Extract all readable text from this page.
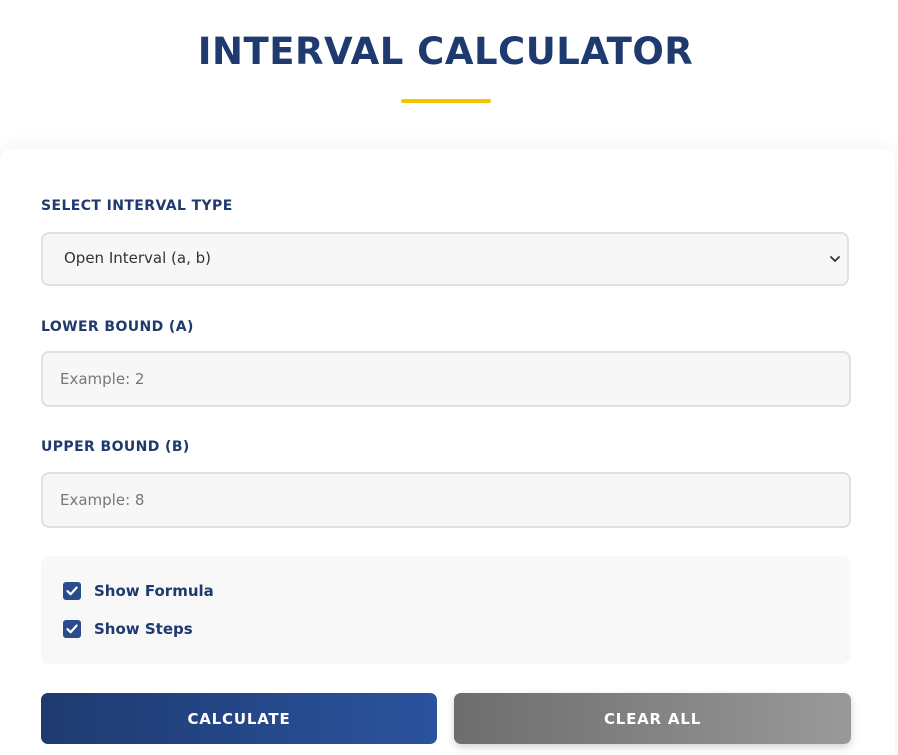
INTERVAL CALCULATOR
SELECT INTERVAL TYPE
Open Interval (a, b)
LOWER BOUND (A)
Example: 2
UPPER BOUND (B)
Example: 8
Show Formula
Show Steps
CALCULATE	CLEAR ALL
